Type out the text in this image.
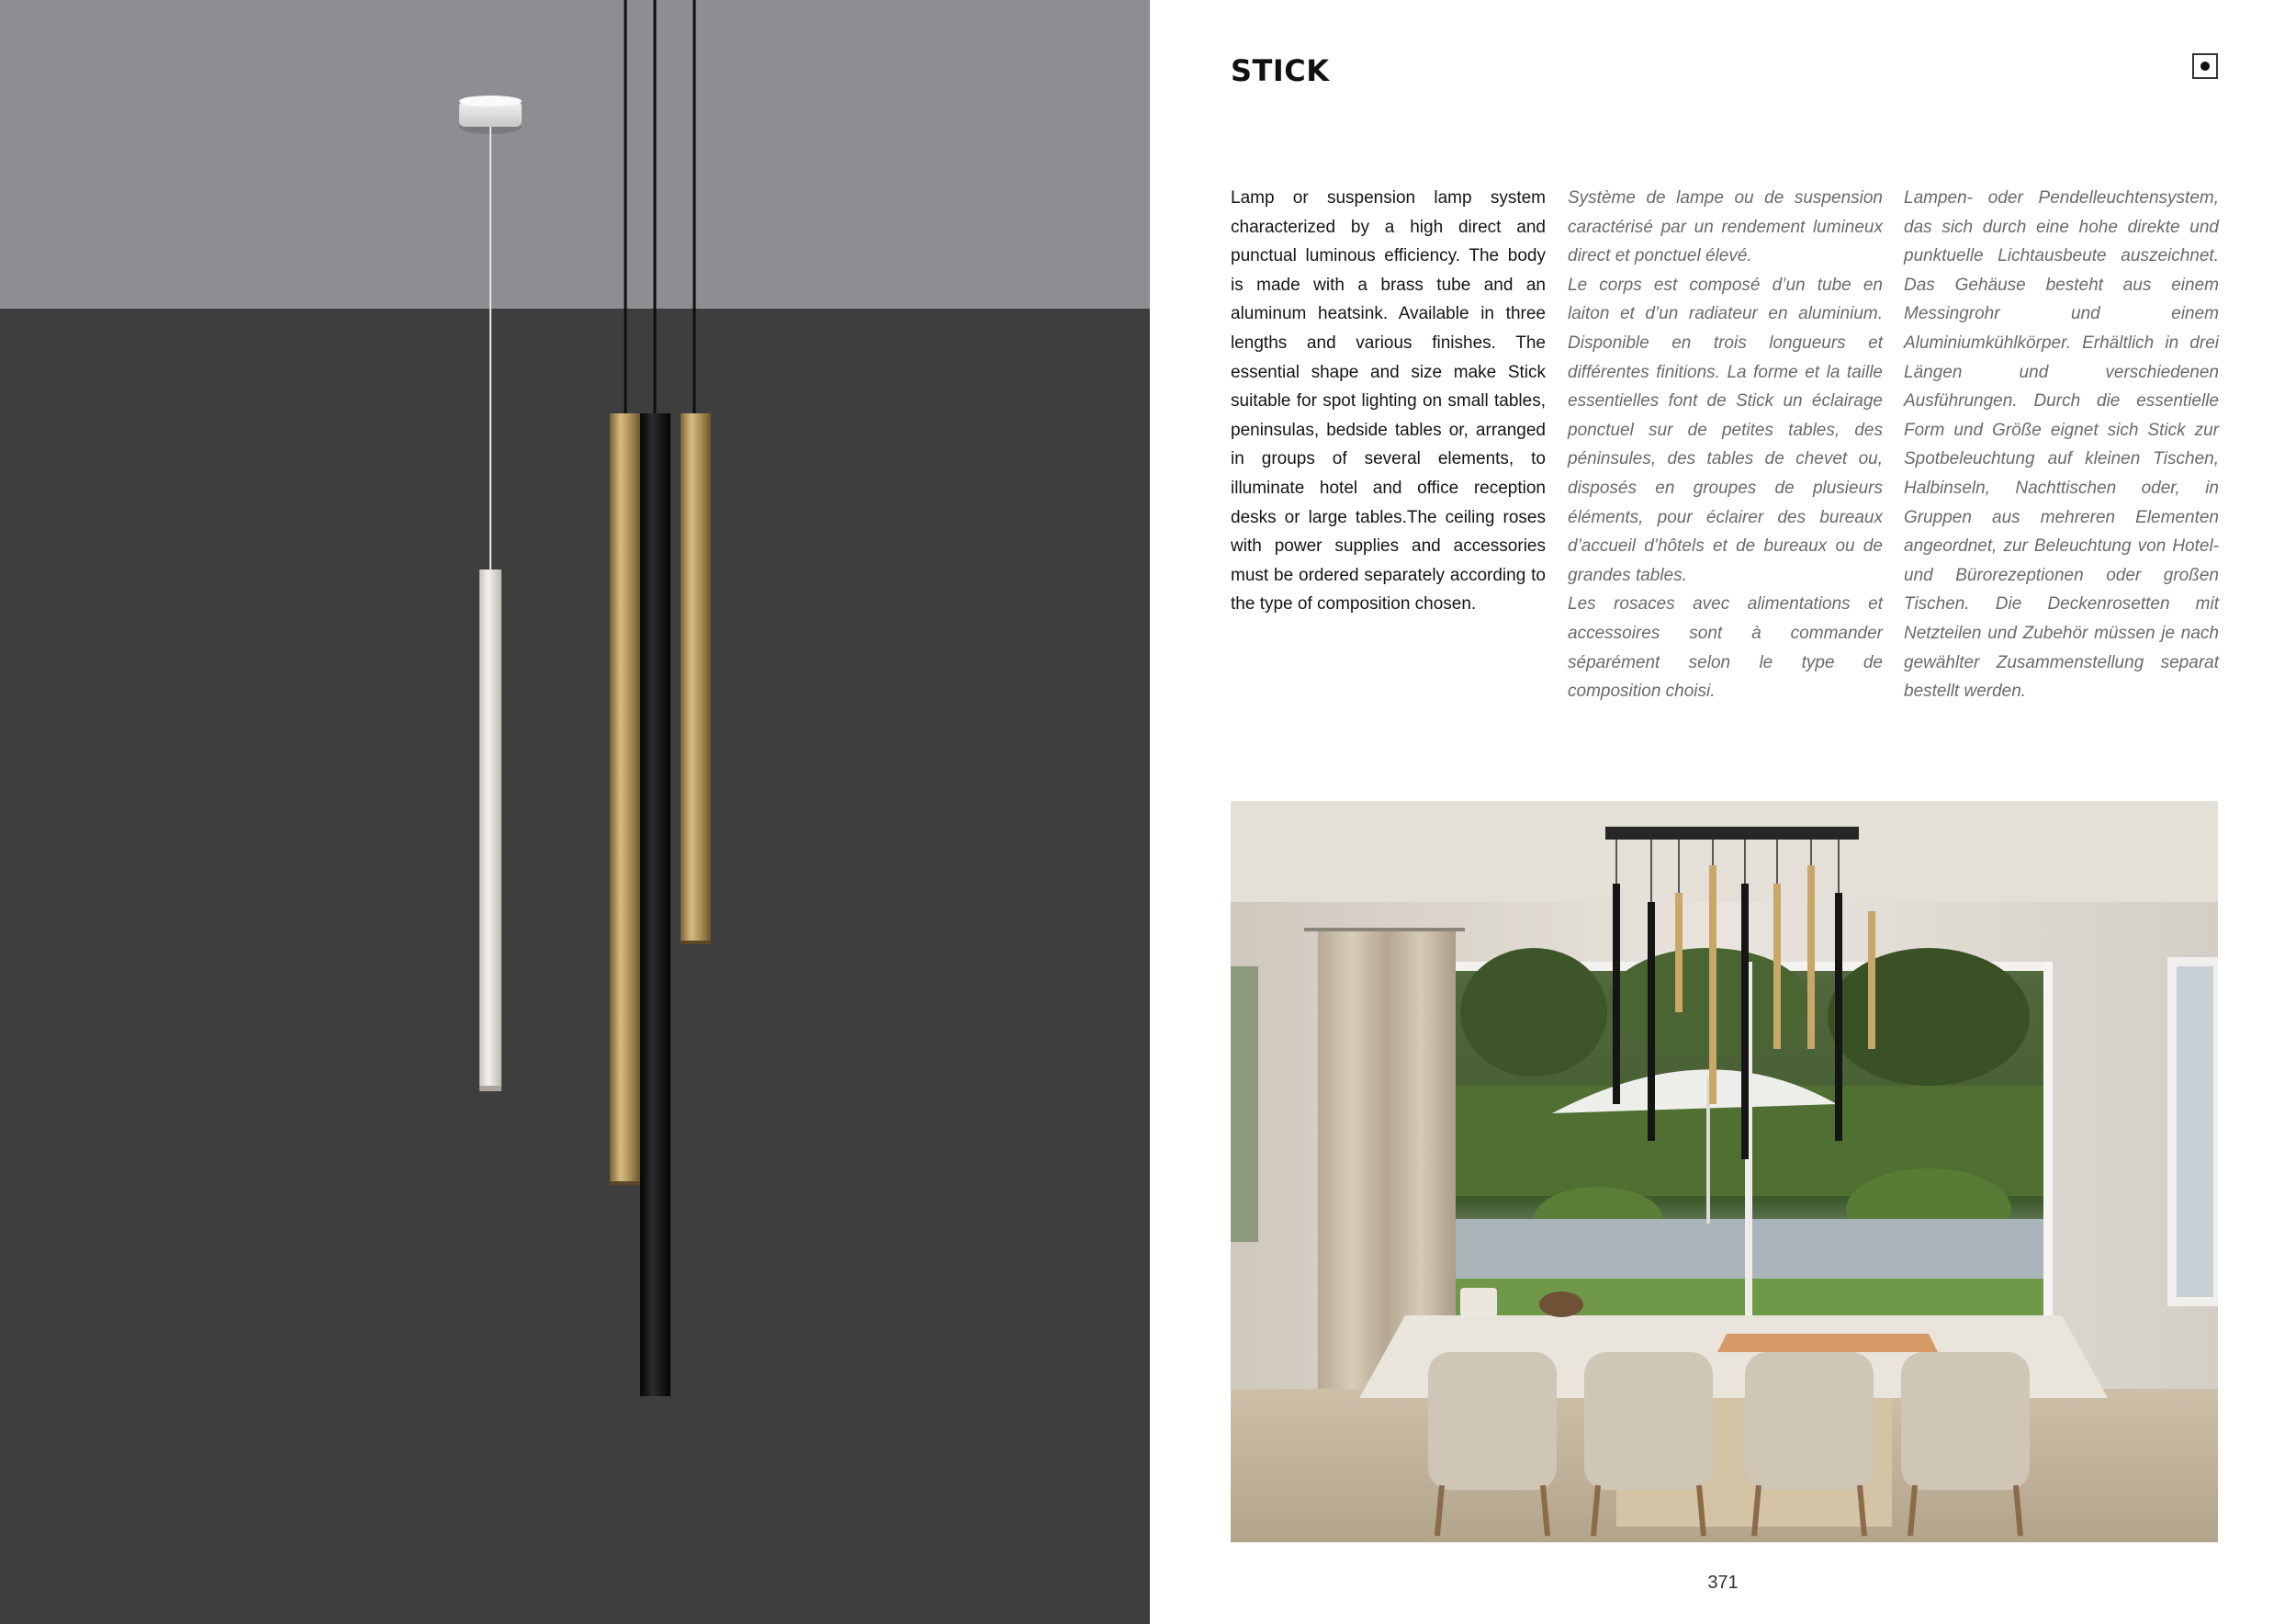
STICK

Lamp or suspension lamp system characterized by a high direct and punctual luminous efficiency. The body is made with a brass tube and an aluminum heatsink. Available in three lengths and various finishes. The essential shape and size make Stick suitable for spot lighting on small tables, peninsulas, bedside tables or, arranged in groups of several elements, to illuminate hotel and office reception desks or large tables.The ceiling roses with power supplies and accessories must be ordered separately according to the type of composition chosen.

Système de lampe ou de suspension caractérisé par un rendement lumineux direct et ponctuel élevé.

Le corps est composé d’un tube en laiton et d’un radiateur en aluminium. Disponible en trois longueurs et différentes finitions. La forme et la taille essentielles font de Stick un éclairage ponctuel sur de petites tables, des péninsules, des tables de chevet ou, disposés en groupes de plusieurs éléments, pour éclairer des bureaux d’accueil d’hôtels et de bureaux ou de grandes tables.

Les rosaces avec alimentations et accessoires sont à commander séparément selon le type de composition choisi.

Lampen- oder Pendelleuchtensystem, das sich durch eine hohe direkte und punktuelle Lichtausbeute auszeichnet. Das Gehäuse besteht aus einem Messingrohr und einem Aluminiumkühlkörper. Erhältlich in drei Längen und verschiedenen Ausführungen. Durch die essentielle Form und Größe eignet sich Stick zur Spotbeleuchtung auf kleinen Tischen, Halbinseln, Nachttischen oder, in Gruppen aus mehreren Elementen angeordnet, zur Beleuchtung von Hotel- und Bürorezeptionen oder großen Tischen. Die Deckenrosetten mit Netzteilen und Zubehör müssen je nach gewählter Zusammenstellung separat bestellt werden.

371
